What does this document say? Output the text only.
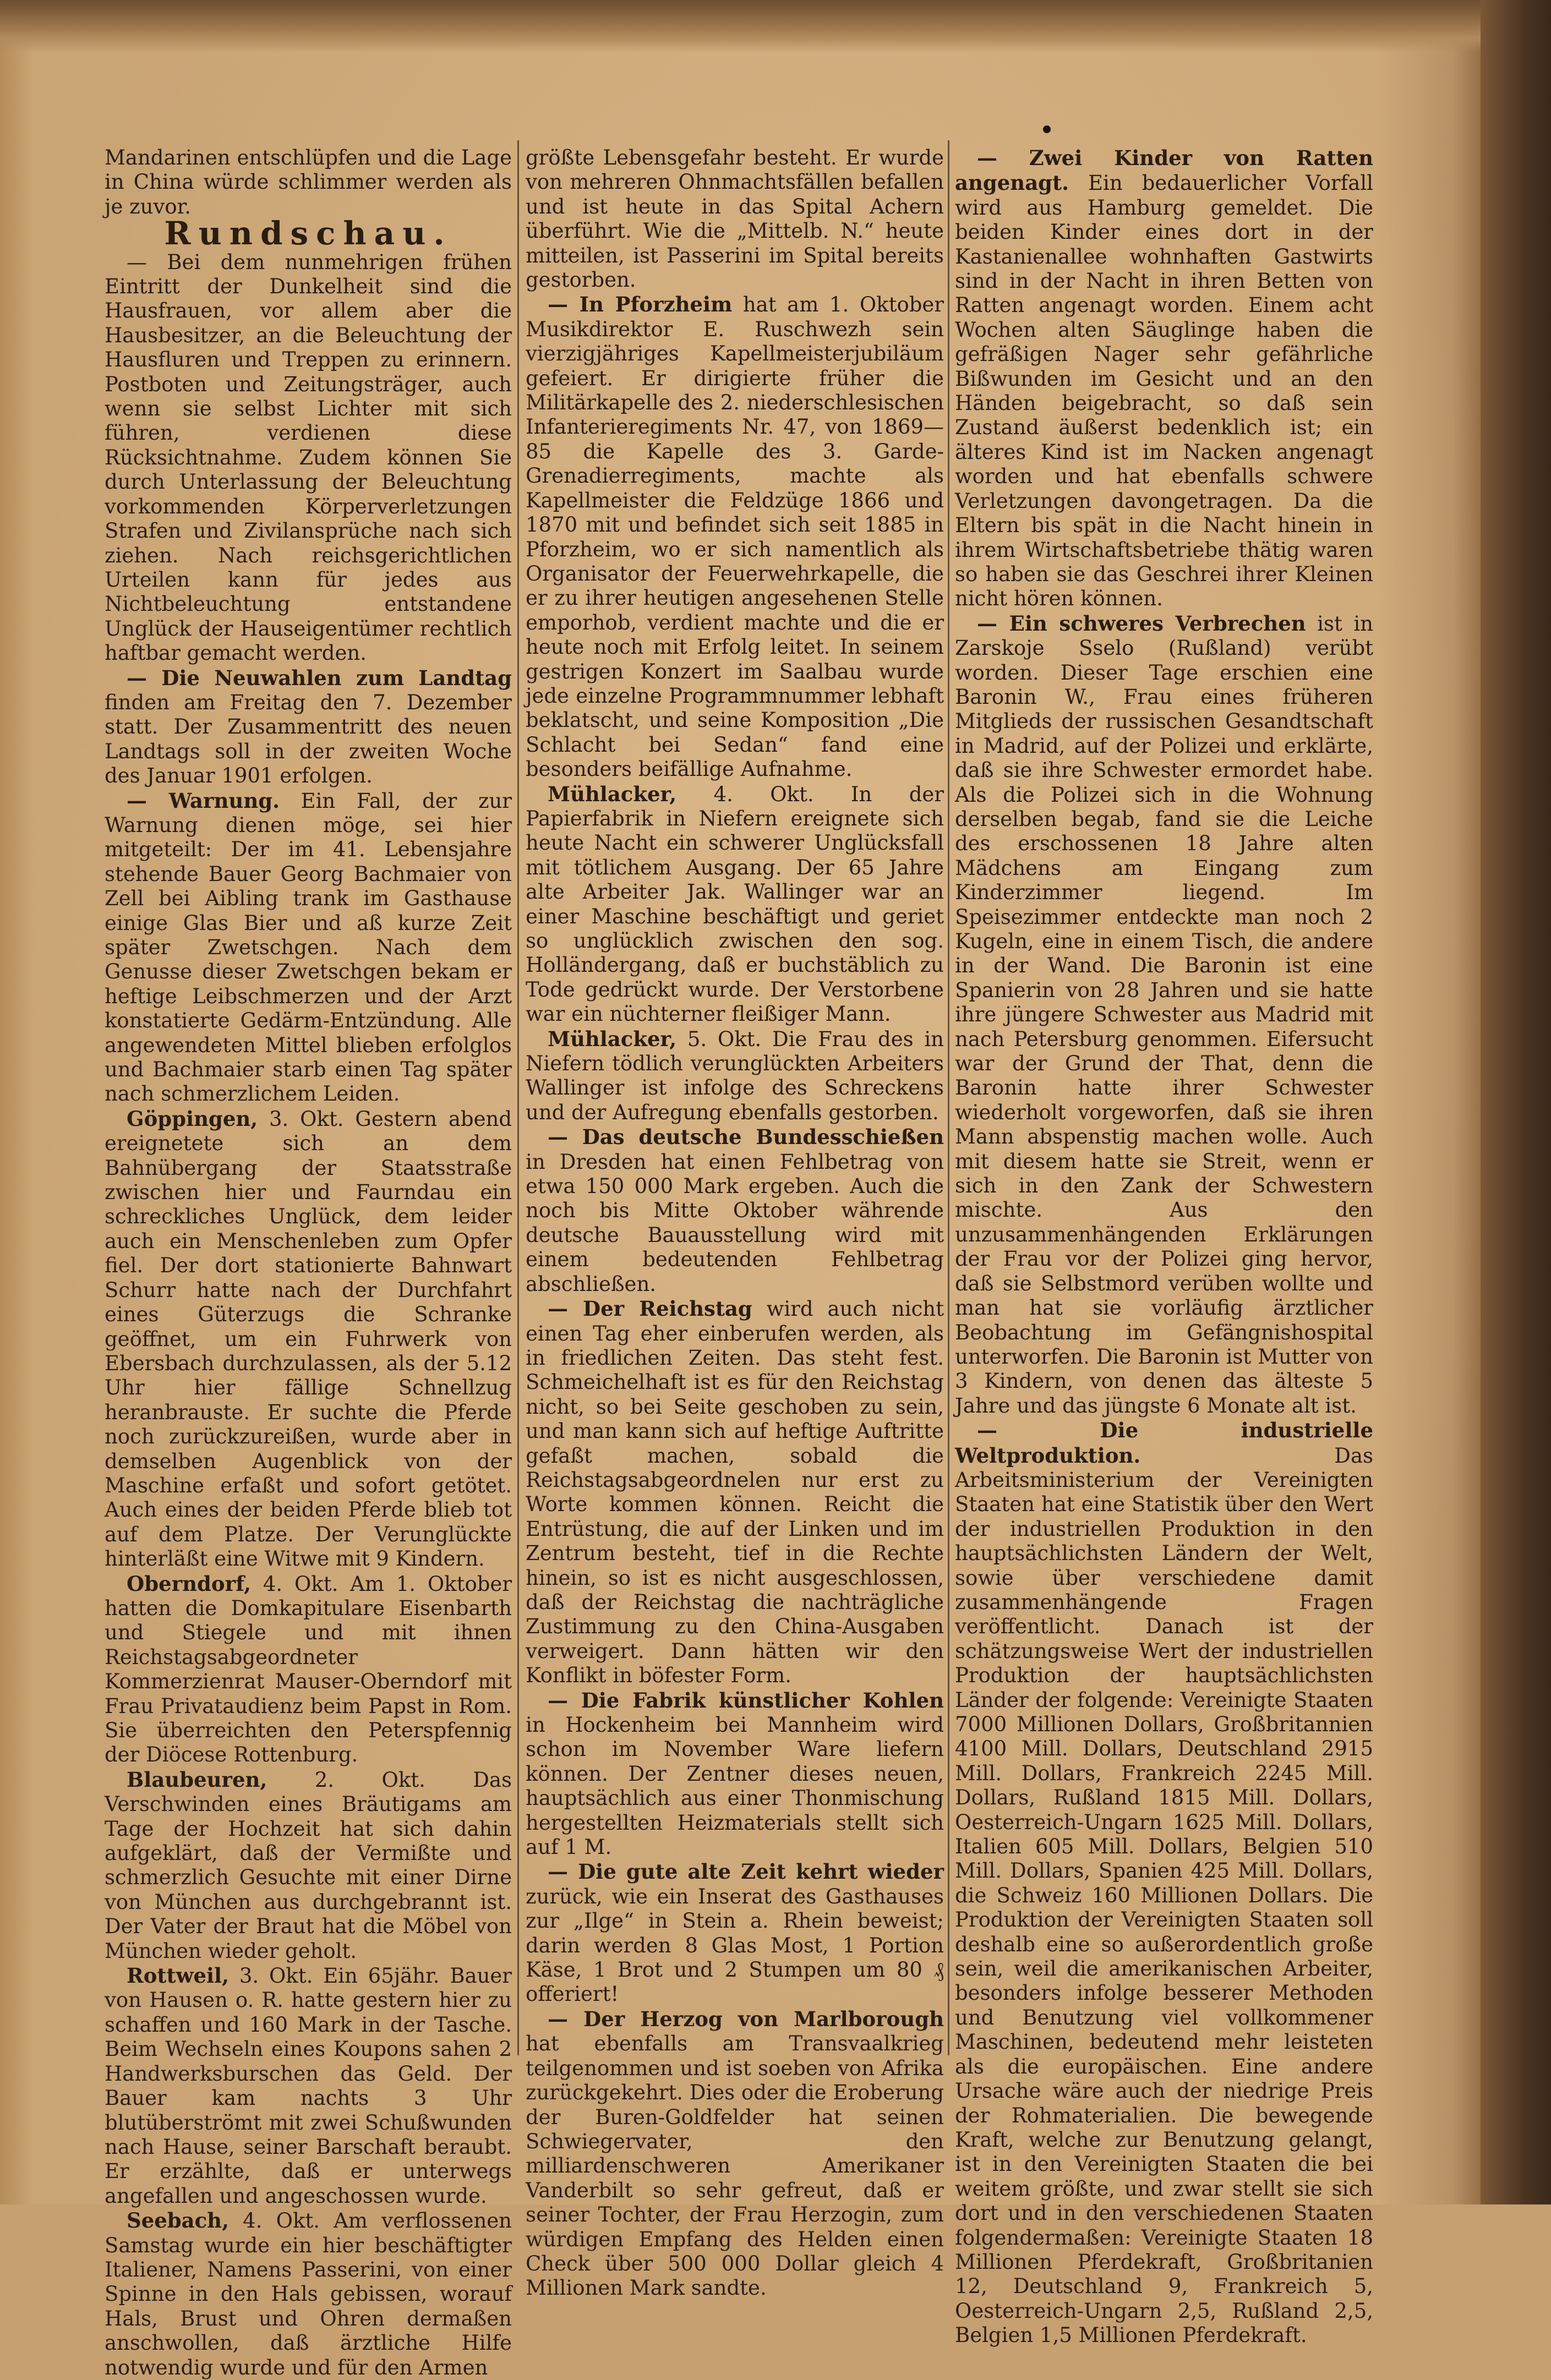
Mandarinen entschlüpfen und die Lage in China würde schlimmer werden als je zuvor.

Rundschau.

— Bei dem nunmehrigen frühen Eintritt der Dunkelheit sind die Hausfrauen, vor allem aber die Hausbesitzer, an die Beleuchtung der Hausfluren und Treppen zu erinnern. Postboten und Zeitungsträger, auch wenn sie selbst Lichter mit sich führen, verdienen diese Rücksichtnahme. Zudem können Sie durch Unterlassung der Beleuchtung vorkommenden Körperverletzungen Strafen und Zivilansprüche nach sich ziehen. Nach reichsgerichtlichen Urteilen kann für jedes aus Nichtbeleuchtung entstandene Unglück der Hauseigentümer rechtlich haftbar gemacht werden.

— Die Neuwahlen zum Landtag finden am Freitag den 7. Dezember statt. Der Zusammentritt des neuen Landtags soll in der zweiten Woche des Januar 1901 erfolgen.

— Warnung. Ein Fall, der zur Warnung dienen möge, sei hier mitgeteilt: Der im 41. Lebensjahre stehende Bauer Georg Bachmaier von Zell bei Aibling trank im Gasthause einige Glas Bier und aß kurze Zeit später Zwetschgen. Nach dem Genusse dieser Zwetschgen bekam er heftige Leibschmerzen und der Arzt konstatierte Gedärm-Entzündung. Alle angewendeten Mittel blieben erfolglos und Bachmaier starb einen Tag später nach schmerzlichem Leiden.

Göppingen, 3. Okt. Gestern abend ereignetete sich an dem Bahnübergang der Staatsstraße zwischen hier und Faurndau ein schreckliches Unglück, dem leider auch ein Menschenleben zum Opfer fiel. Der dort stationierte Bahnwart Schurr hatte nach der Durchfahrt eines Güterzugs die Schranke geöffnet, um ein Fuhrwerk von Ebersbach durchzulassen, als der 5.12 Uhr hier fällige Schnellzug heranbrauste. Er suchte die Pferde noch zurückzureißen, wurde aber in demselben Augenblick von der Maschine erfaßt und sofort getötet. Auch eines der beiden Pferde blieb tot auf dem Platze. Der Verunglückte hinterläßt eine Witwe mit 9 Kindern.

Oberndorf, 4. Okt. Am 1. Oktober hatten die Domkapitulare Eisenbarth und Stiegele und mit ihnen Reichstagsabgeordneter Kommerzienrat Mauser-Oberndorf mit Frau Privataudienz beim Papst in Rom. Sie überreichten den Peterspfennig der Diöcese Rottenburg.

Blaubeuren, 2. Okt. Das Verschwinden eines Bräutigams am Tage der Hochzeit hat sich dahin aufgeklärt, daß der Vermißte und schmerzlich Gesuchte mit einer Dirne von München aus durchgebrannt ist. Der Vater der Braut hat die Möbel von München wieder geholt.

Rottweil, 3. Okt. Ein 65jähr. Bauer von Hausen o. R. hatte gestern hier zu schaffen und 160 Mark in der Tasche. Beim Wechseln eines Koupons sahen 2 Handwerksburschen das Geld. Der Bauer kam nachts 3 Uhr blutüberströmt mit zwei Schußwunden nach Hause, seiner Barschaft beraubt. Er erzählte, daß er unterwegs angefallen und angeschossen wurde.

Seebach, 4. Okt. Am verflossenen Samstag wurde ein hier beschäftigter Italiener, Namens Passerini, von einer Spinne in den Hals gebissen, worauf Hals, Brust und Ohren dermaßen anschwollen, daß ärztliche Hilfe notwendig wurde und für den Armen

größte Lebensgefahr besteht. Er wurde von mehreren Ohnmachtsfällen befallen und ist heute in das Spital Achern überführt. Wie die „Mittelb. N.“ heute mitteilen, ist Passerini im Spital bereits gestorben.

— In Pforzheim hat am 1. Oktober Musikdirektor E. Ruschwezh sein vierzigjähriges Kapellmeisterjubiläum gefeiert. Er dirigierte früher die Militärkapelle des 2. niederschlesischen Infanterieregiments Nr. 47, von 1869—85 die Kapelle des 3. Garde-Grenadierregiments, machte als Kapellmeister die Feldzüge 1866 und 1870 mit und befindet sich seit 1885 in Pforzheim, wo er sich namentlich als Organisator der Feuerwehrkapelle, die er zu ihrer heutigen angesehenen Stelle emporhob, verdient machte und die er heute noch mit Erfolg leitet. In seinem gestrigen Konzert im Saalbau wurde jede einzelne Programmnummer lebhaft beklatscht, und seine Komposition „Die Schlacht bei Sedan“ fand eine besonders beifällige Aufnahme.

Mühlacker, 4. Okt. In der Papierfabrik in Niefern ereignete sich heute Nacht ein schwerer Unglücksfall mit tötlichem Ausgang. Der 65 Jahre alte Arbeiter Jak. Wallinger war an einer Maschine beschäftigt und geriet so unglücklich zwischen den sog. Holländergang, daß er buchstäblich zu Tode gedrückt wurde. Der Verstorbene war ein nüchterner fleißiger Mann.

Mühlacker, 5. Okt. Die Frau des in Niefern tödlich verunglückten Arbeiters Wallinger ist infolge des Schreckens und der Aufregung ebenfalls gestorben.

— Das deutsche Bundesschießen in Dresden hat einen Fehlbetrag von etwa 150 000 Mark ergeben. Auch die noch bis Mitte Oktober währende deutsche Bauausstellung wird mit einem bedeutenden Fehlbetrag abschließen.

— Der Reichstag wird auch nicht einen Tag eher einberufen werden, als in friedlichen Zeiten. Das steht fest. Schmeichelhaft ist es für den Reichstag nicht, so bei Seite geschoben zu sein, und man kann sich auf heftige Auftritte gefaßt machen, sobald die Reichstagsabgeordnelen nur erst zu Worte kommen können. Reicht die Entrüstung, die auf der Linken und im Zentrum besteht, tief in die Rechte hinein, so ist es nicht ausgeschlossen, daß der Reichstag die nachträgliche Zustimmung zu den China-Ausgaben verweigert. Dann hätten wir den Konflikt in böfester Form.

— Die Fabrik künstlicher Kohlen in Hockenheim bei Mannheim wird schon im November Ware liefern können. Der Zentner dieses neuen, hauptsächlich aus einer Thonmischung hergestellten Heizmaterials stellt sich auf 1 M.

— Die gute alte Zeit kehrt wieder zurück, wie ein Inserat des Gasthauses zur „Ilge“ in Stein a. Rhein beweist; darin werden 8 Glas Most, 1 Portion Käse, 1 Brot und 2 Stumpen um 80 ₰ offeriert!

— Der Herzog von Marlborough hat ebenfalls am Transvaalkrieg teilgenommen und ist soeben von Afrika zurückgekehrt. Dies oder die Eroberung der Buren-Goldfelder hat seinen Schwiegervater, den milliardenschweren Amerikaner Vanderbilt so sehr gefreut, daß er seiner Tochter, der Frau Herzogin, zum würdigen Empfang des Helden einen Check über 500 000 Dollar gleich 4 Millionen Mark sandte.

— Zwei Kinder von Ratten angenagt. Ein bedauerlicher Vorfall wird aus Hamburg gemeldet. Die beiden Kinder eines dort in der Kastanienallee wohnhaften Gastwirts sind in der Nacht in ihren Betten von Ratten angenagt worden. Einem acht Wochen alten Säuglinge haben die gefräßigen Nager sehr gefährliche Bißwunden im Gesicht und an den Händen beigebracht, so daß sein Zustand äußerst bedenklich ist; ein älteres Kind ist im Nacken angenagt worden und hat ebenfalls schwere Verletzungen davongetragen. Da die Eltern bis spät in die Nacht hinein in ihrem Wirtschaftsbetriebe thätig waren so haben sie das Geschrei ihrer Kleinen nicht hören können.

— Ein schweres Verbrechen ist in Zarskoje Sselo (Rußland) verübt worden. Dieser Tage erschien eine Baronin W., Frau eines früheren Mitglieds der russischen Gesandtschaft in Madrid, auf der Polizei und erklärte, daß sie ihre Schwester ermordet habe. Als die Polizei sich in die Wohnung derselben begab, fand sie die Leiche des erschossenen 18 Jahre alten Mädchens am Eingang zum Kinderzimmer liegend. Im Speisezimmer entdeckte man noch 2 Kugeln, eine in einem Tisch, die andere in der Wand. Die Baronin ist eine Spanierin von 28 Jahren und sie hatte ihre jüngere Schwester aus Madrid mit nach Petersburg genommen. Eifersucht war der Grund der That, denn die Baronin hatte ihrer Schwester wiederholt vorgeworfen, daß sie ihren Mann abspenstig machen wolle. Auch mit diesem hatte sie Streit, wenn er sich in den Zank der Schwestern mischte. Aus den unzusammenhängenden Erklärungen der Frau vor der Polizei ging hervor, daß sie Selbstmord verüben wollte und man hat sie vorläufig ärztlicher Beobachtung im Gefängnishospital unterworfen. Die Baronin ist Mutter von 3 Kindern, von denen das älteste 5 Jahre und das jüngste 6 Monate alt ist.

— Die industrielle Weltproduktion. Das Arbeitsministerium der Vereinigten Staaten hat eine Statistik über den Wert der industriellen Produktion in den hauptsächlichsten Ländern der Welt, sowie über verschiedene damit zusammenhängende Fragen veröffentlicht. Danach ist der schätzungsweise Wert der industriellen Produktion der hauptsächlichsten Länder der folgende: Vereinigte Staaten 7000 Millionen Dollars, Großbritannien 4100 Mill. Dollars, Deutschland 2915 Mill. Dollars, Frankreich 2245 Mill. Dollars, Rußland 1815 Mill. Dollars, Oesterreich-Ungarn 1625 Mill. Dollars, Italien 605 Mill. Dollars, Belgien 510 Mill. Dollars, Spanien 425 Mill. Dollars, die Schweiz 160 Millionen Dollars. Die Produktion der Vereinigten Staaten soll deshalb eine so außerordentlich große sein, weil die amerikanischen Arbeiter, besonders infolge besserer Methoden und Benutzung viel vollkommener Maschinen, bedeutend mehr leisteten als die europäischen. Eine andere Ursache wäre auch der niedrige Preis der Rohmaterialien. Die bewegende Kraft, welche zur Benutzung gelangt, ist in den Vereinigten Staaten die bei weitem größte, und zwar stellt sie sich dort und in den verschiedenen Staaten folgendermaßen: Vereinigte Staaten 18 Millionen Pferdekraft, Großbritanien 12, Deutschland 9, Frankreich 5, Oesterreich-Ungarn 2,5, Rußland 2,5, Belgien 1,5 Millionen Pferdekraft.
